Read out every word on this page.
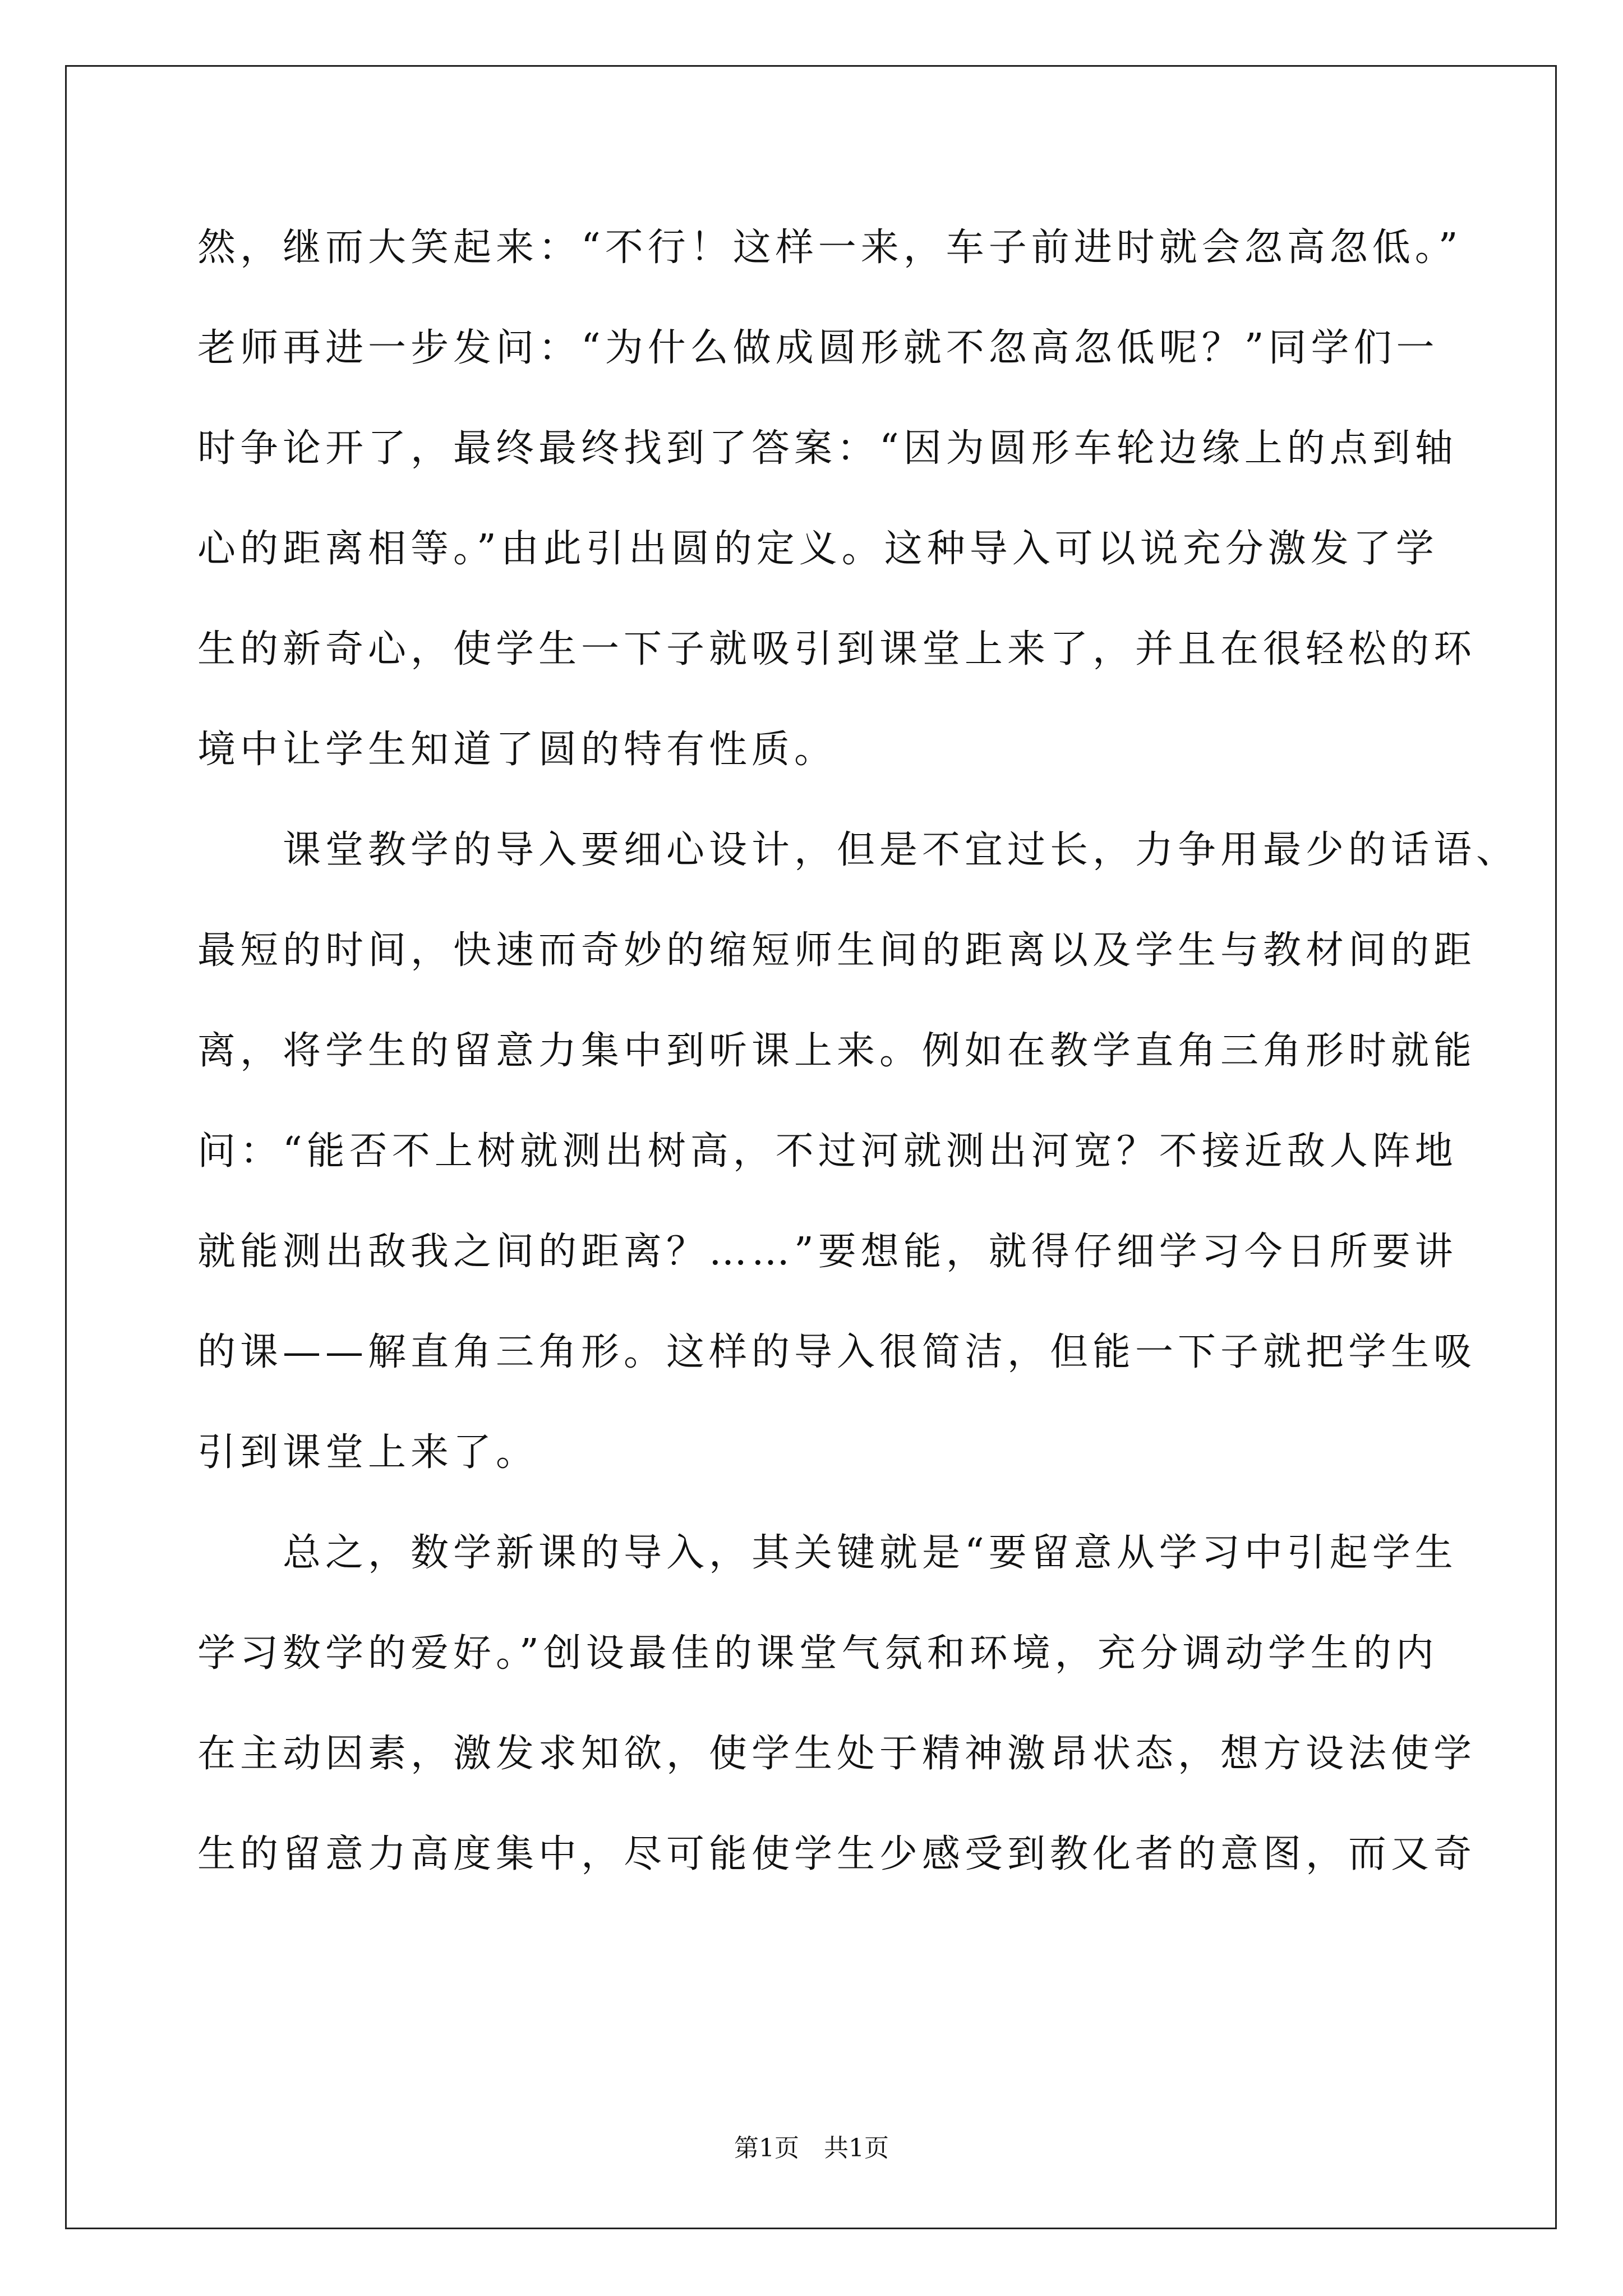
然，继而大笑起来：“不行！这样一来，车子前进时就会忽高忽低。”
老师再进一步发问：“为什么做成圆形就不忽高忽低呢？”同学们一
时争论开了，最终最终找到了答案：“因为圆形车轮边缘上的点到轴
心的距离相等。”由此引出圆的定义。这种导入可以说充分激发了学
生的新奇心，使学生一下子就吸引到课堂上来了，并且在很轻松的环
境中让学生知道了圆的特有性质。
课堂教学的导入要细心设计，但是不宜过长，力争用最少的话语、
最短的时间，快速而奇妙的缩短师生间的距离以及学生与教材间的距
离，将学生的留意力集中到听课上来。例如在教学直角三角形时就能
问：“能否不上树就测出树高，不过河就测出河宽？不接近敌人阵地
就能测出敌我之间的距离？……”要想能，就得仔细学习今日所要讲
的课——解直角三角形。这样的导入很简洁，但能一下子就把学生吸
引到课堂上来了。
总之，数学新课的导入，其关键就是“要留意从学习中引起学生
学习数学的爱好。”创设最佳的课堂气氛和环境，充分调动学生的内
在主动因素，激发求知欲，使学生处于精神激昂状态，想方设法使学
生的留意力高度集中，尽可能使学生少感受到教化者的意图，而又奇
第1页　共1页
